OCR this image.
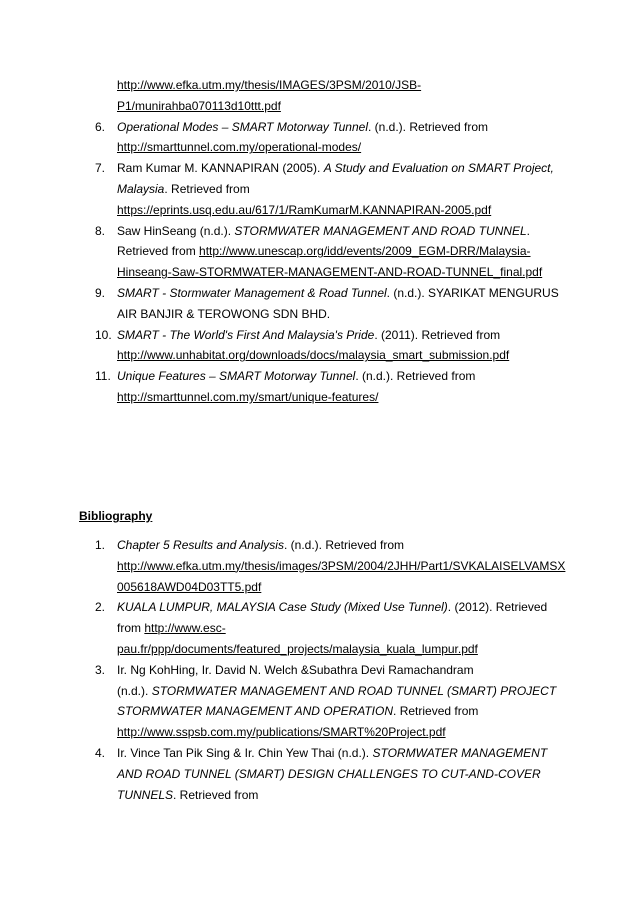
http://www.efka.utm.my/thesis/IMAGES/3PSM/2010/JSB-
P1/munirahba070113d10ttt.pdf
6. Operational Modes – SMART Motorway Tunnel. (n.d.). Retrieved from
http://smarttunnel.com.my/operational-modes/
7. Ram Kumar M. KANNAPIRAN (2005). A Study and Evaluation on SMART Project,
Malaysia. Retrieved from
https://eprints.usq.edu.au/617/1/RamKumarM.KANNAPIRAN-2005.pdf
8. Saw HinSeang (n.d.). STORMWATER MANAGEMENT AND ROAD TUNNEL.
Retrieved from http://www.unescap.org/idd/events/2009_EGM-DRR/Malaysia-
Hinseang-Saw-STORMWATER-MANAGEMENT-AND-ROAD-TUNNEL_final.pdf
9. SMART - Stormwater Management & Road Tunnel. (n.d.). SYARIKAT MENGURUS
AIR BANJIR & TEROWONG SDN BHD.
10. SMART - The World's First And Malaysia's Pride. (2011). Retrieved from
http://www.unhabitat.org/downloads/docs/malaysia_smart_submission.pdf
11. Unique Features – SMART Motorway Tunnel. (n.d.). Retrieved from
http://smarttunnel.com.my/smart/unique-features/
Bibliography
1. Chapter 5 Results and Analysis. (n.d.). Retrieved from
http://www.efka.utm.my/thesis/images/3PSM/2004/2JHH/Part1/SVKALAISELVAMSX
005618AWD04D03TT5.pdf
2. KUALA LUMPUR, MALAYSIA Case Study (Mixed Use Tunnel). (2012). Retrieved
from http://www.esc-
pau.fr/ppp/documents/featured_projects/malaysia_kuala_lumpur.pdf
3. Ir. Ng KohHing, Ir. David N. Welch &Subathra Devi Ramachandram
(n.d.). STORMWATER MANAGEMENT AND ROAD TUNNEL (SMART) PROJECT
STORMWATER MANAGEMENT AND OPERATION. Retrieved from
http://www.sspsb.com.my/publications/SMART%20Project.pdf
4. Ir. Vince Tan Pik Sing & Ir. Chin Yew Thai (n.d.). STORMWATER MANAGEMENT
AND ROAD TUNNEL (SMART) DESIGN CHALLENGES TO CUT-AND-COVER
TUNNELS. Retrieved from
